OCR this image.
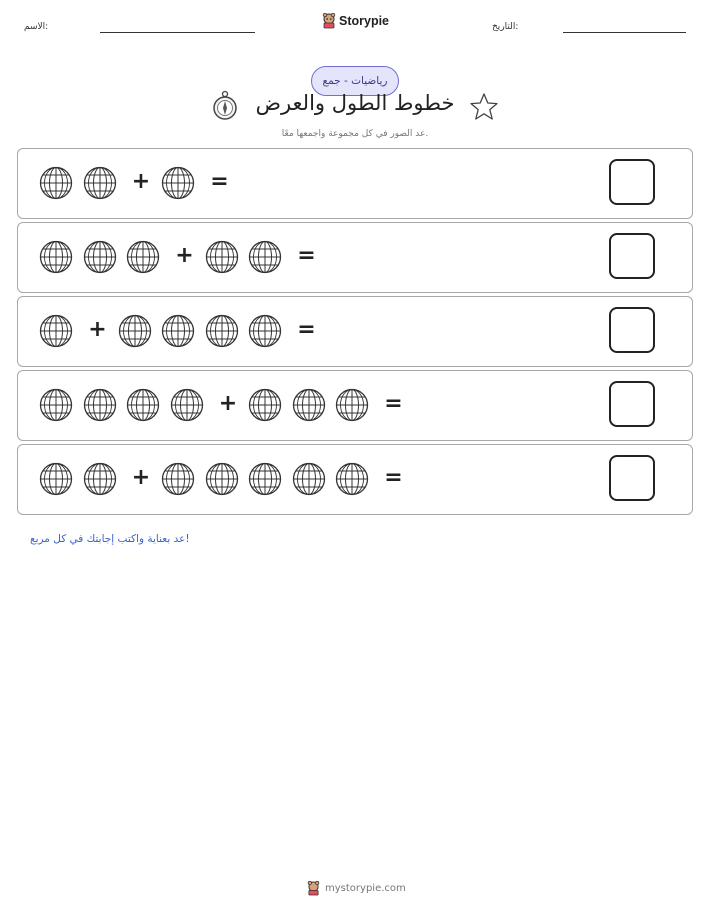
الاسم:	Storypie	التاريخ:
رياضيات - جمع
خطوط الطول والعرض
عد الصور في كل مجموعة واجمعها معًا.
+	=
+	=
+	=
+	=
+	=
عد بعناية واكتب إجابتك في كل مربع!
mystorypie.com
